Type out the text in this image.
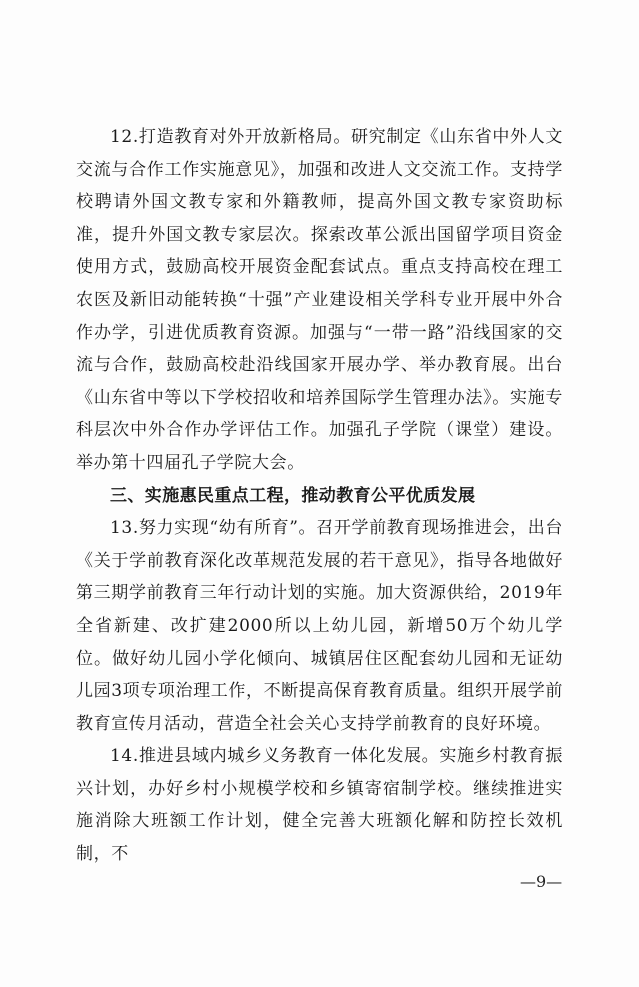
12.打造教育对外开放新格局。研究制定《山东省中外人文交流与合作工作实施意见》，加强和改进人文交流工作。支持学校聘请外国文教专家和外籍教师，提高外国文教专家资助标准，提升外国文教专家层次。探索改革公派出国留学项目资金使用方式，鼓励高校开展资金配套试点。重点支持高校在理工农医及新旧动能转换“十强”产业建设相关学科专业开展中外合作办学，引进优质教育资源。加强与“一带一路”沿线国家的交流与合作，鼓励高校赴沿线国家开展办学、举办教育展。出台《山东省中等以下学校招收和培养国际学生管理办法》。实施专科层次中外合作办学评估工作。加强孔子学院（课堂）建设。举办第十四届孔子学院大会。

三、实施惠民重点工程，推动教育公平优质发展

13.努力实现“幼有所育”。召开学前教育现场推进会，出台《关于学前教育深化改革规范发展的若干意见》，指导各地做好第三期学前教育三年行动计划的实施。加大资源供给，2019年全省新建、改扩建2000所以上幼儿园，新增50万个幼儿学位。做好幼儿园小学化倾向、城镇居住区配套幼儿园和无证幼儿园3项专项治理工作，不断提高保育教育质量。组织开展学前教育宣传月活动，营造全社会关心支持学前教育的良好环境。

14.推进县域内城乡义务教育一体化发展。实施乡村教育振兴计划，办好乡村小规模学校和乡镇寄宿制学校。继续推进实施消除大班额工作计划，健全完善大班额化解和防控长效机制，不

—9—
